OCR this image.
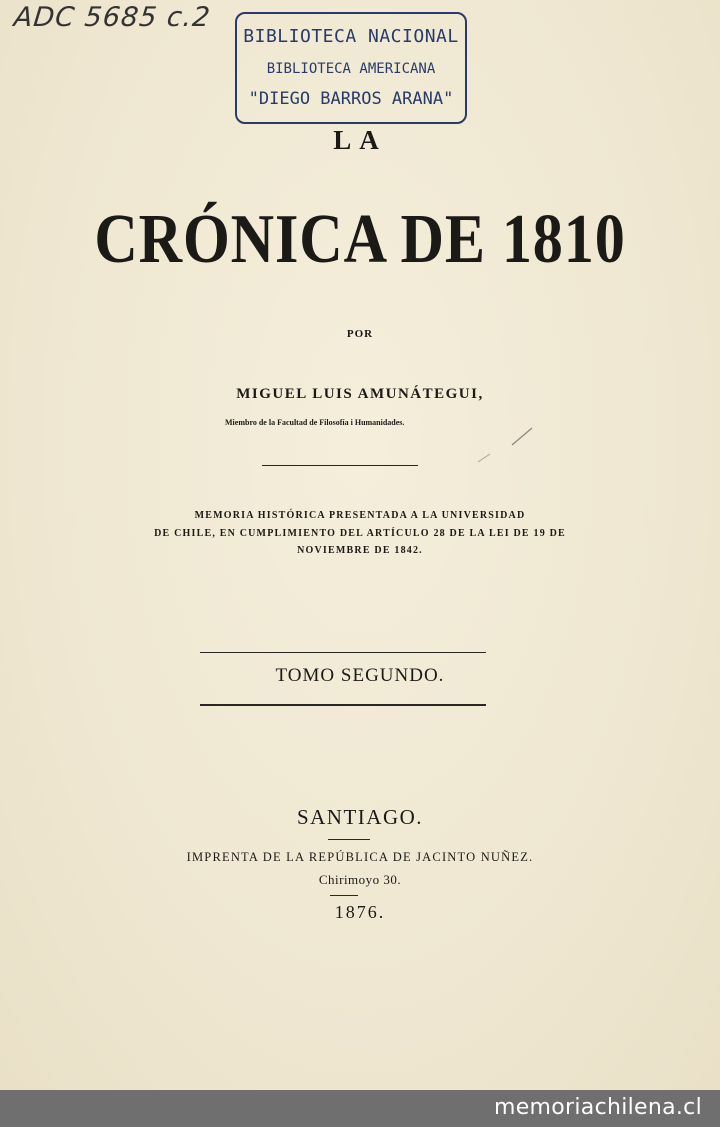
ADC 5685 c.2
BIBLIOTECA NACIONAL
BIBLIOTECA AMERICANA
"DIEGO BARROS ARANA"
LA
CRÓNICA DE 1810
POR
MIGUEL LUIS AMUNÁTEGUI,
Miembro de la Facultad de Filosofía i Humanidades.
MEMORIA HISTÓRICA PRESENTADA A LA UNIVERSIDAD
DE CHILE, EN CUMPLIMIENTO DEL ARTÍCULO 28 DE LA LEI DE 19 DE
NOVIEMBRE DE 1842.
TOMO SEGUNDO.
SANTIAGO.
IMPRENTA DE LA REPÚBLICA DE JACINTO NUÑEZ.
Chirimoyo 30.
1876.
memoriachilena.cl
